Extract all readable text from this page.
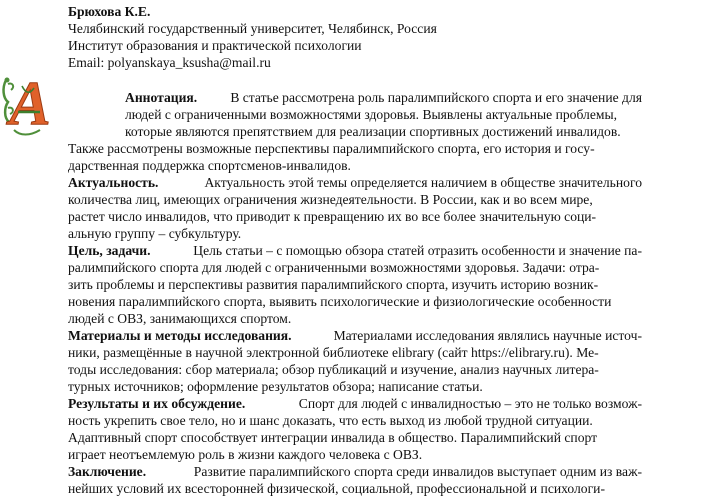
А
Брюхова К.Е.
Челябинский государственный университет, Челябинск, Россия
Институт образования и практической психологии
Email: polyanskaya_ksusha@mail.ru
Аннотация. В статье рассмотрена роль паралимпийского спорта и его значение для
людей с ограниченными возможностями здоровья. Выявлены актуальные проблемы,
которые являются препятствием для реализации спортивных достижений инвалидов.
Также рассмотрены возможные перспективы паралимпийского спорта, его история и госу-
дарственная поддержка спортсменов-инвалидов.
Актуальность.	Актуальность этой темы определяется наличием в обществе значительного
количества лиц, имеющих ограничения жизнедеятельности. В России, как и во всем мире,
растет число инвалидов, что приводит к превращению их во все более значительную соци-
альную группу – субкультуру.
Цель, задачи.	Цель статьи – с помощью обзора статей отразить особенности и значение па-
ралимпийского спорта для людей с ограниченными возможностями здоровья. Задачи: отра-
зить проблемы и перспективы развития паралимпийского спорта, изучить историю возник-
новения паралимпийского спорта, выявить психологические и физиологические особенности
людей с ОВЗ, занимающихся спортом.
Материалы и методы исследования.	Материалами исследования являлись научные источ-
ники, размещённые в научной электронной библиотеке elibrary (сайт https://elibrary.ru). Ме-
тоды исследования: сбор материала; обзор публикаций и изучение, анализ научных литера-
турных источников; оформление результатов обзора; написание статьи.
Результаты и их обсуждение.	Спорт для людей с инвалидностью – это не только возмож-
ность укрепить свое тело, но и шанс доказать, что есть выход из любой трудной ситуации.
Адаптивный спорт способствует интеграции инвалида в общество. Паралимпийский спорт
играет неотъемлемую роль в жизни каждого человека с ОВЗ.
Заключение.	Развитие паралимпийского спорта среди инвалидов выступает одним из важ-
нейших условий их всесторонней физической, социальной, профессиональной и психологи-
